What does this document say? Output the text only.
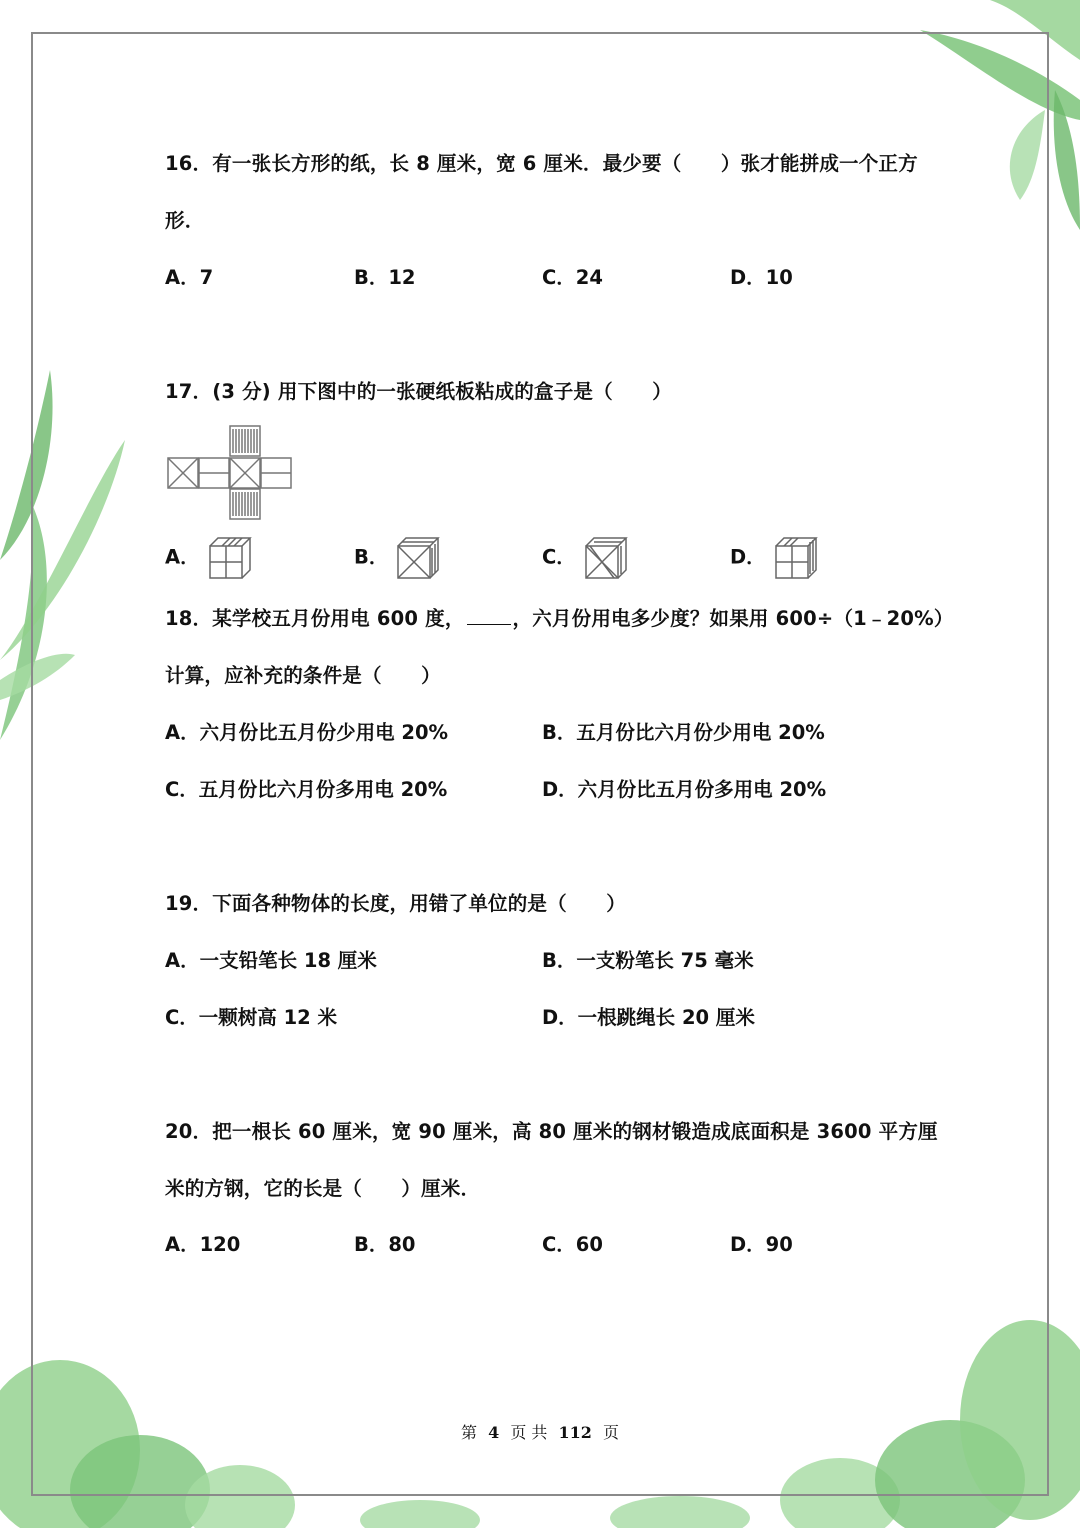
16．有一张长方形的纸，长 8 厘米，宽 6 厘米．最少要（　　）张才能拼成一个正方
形．
A．7	B．12	C．24	D．10
17．(3 分) 用下图中的一张硬纸板粘成的盒子是（　　）
A．	B．	C．	D．
18．某学校五月份用电 600 度， ，六月份用电多少度？如果用 600÷（1﹣20%）
计算，应补充的条件是（　　）
A．六月份比五月份少用电 20%	B．五月份比六月份少用电 20%
C．五月份比六月份多用电 20%	D．六月份比五月份多用电 20%
19．下面各种物体的长度，用错了单位的是（　　）
A．一支铅笔长 18 厘米	B．一支粉笔长 75 毫米
C．一颗树高 12 米	D．一根跳绳长 20 厘米
20．把一根长 60 厘米，宽 90 厘米，高 80 厘米的钢材锻造成底面积是 3600 平方厘
米的方钢，它的长是（　　）厘米．
A．120	B．80	C．60	D．90
第 4 页 共 112 页
